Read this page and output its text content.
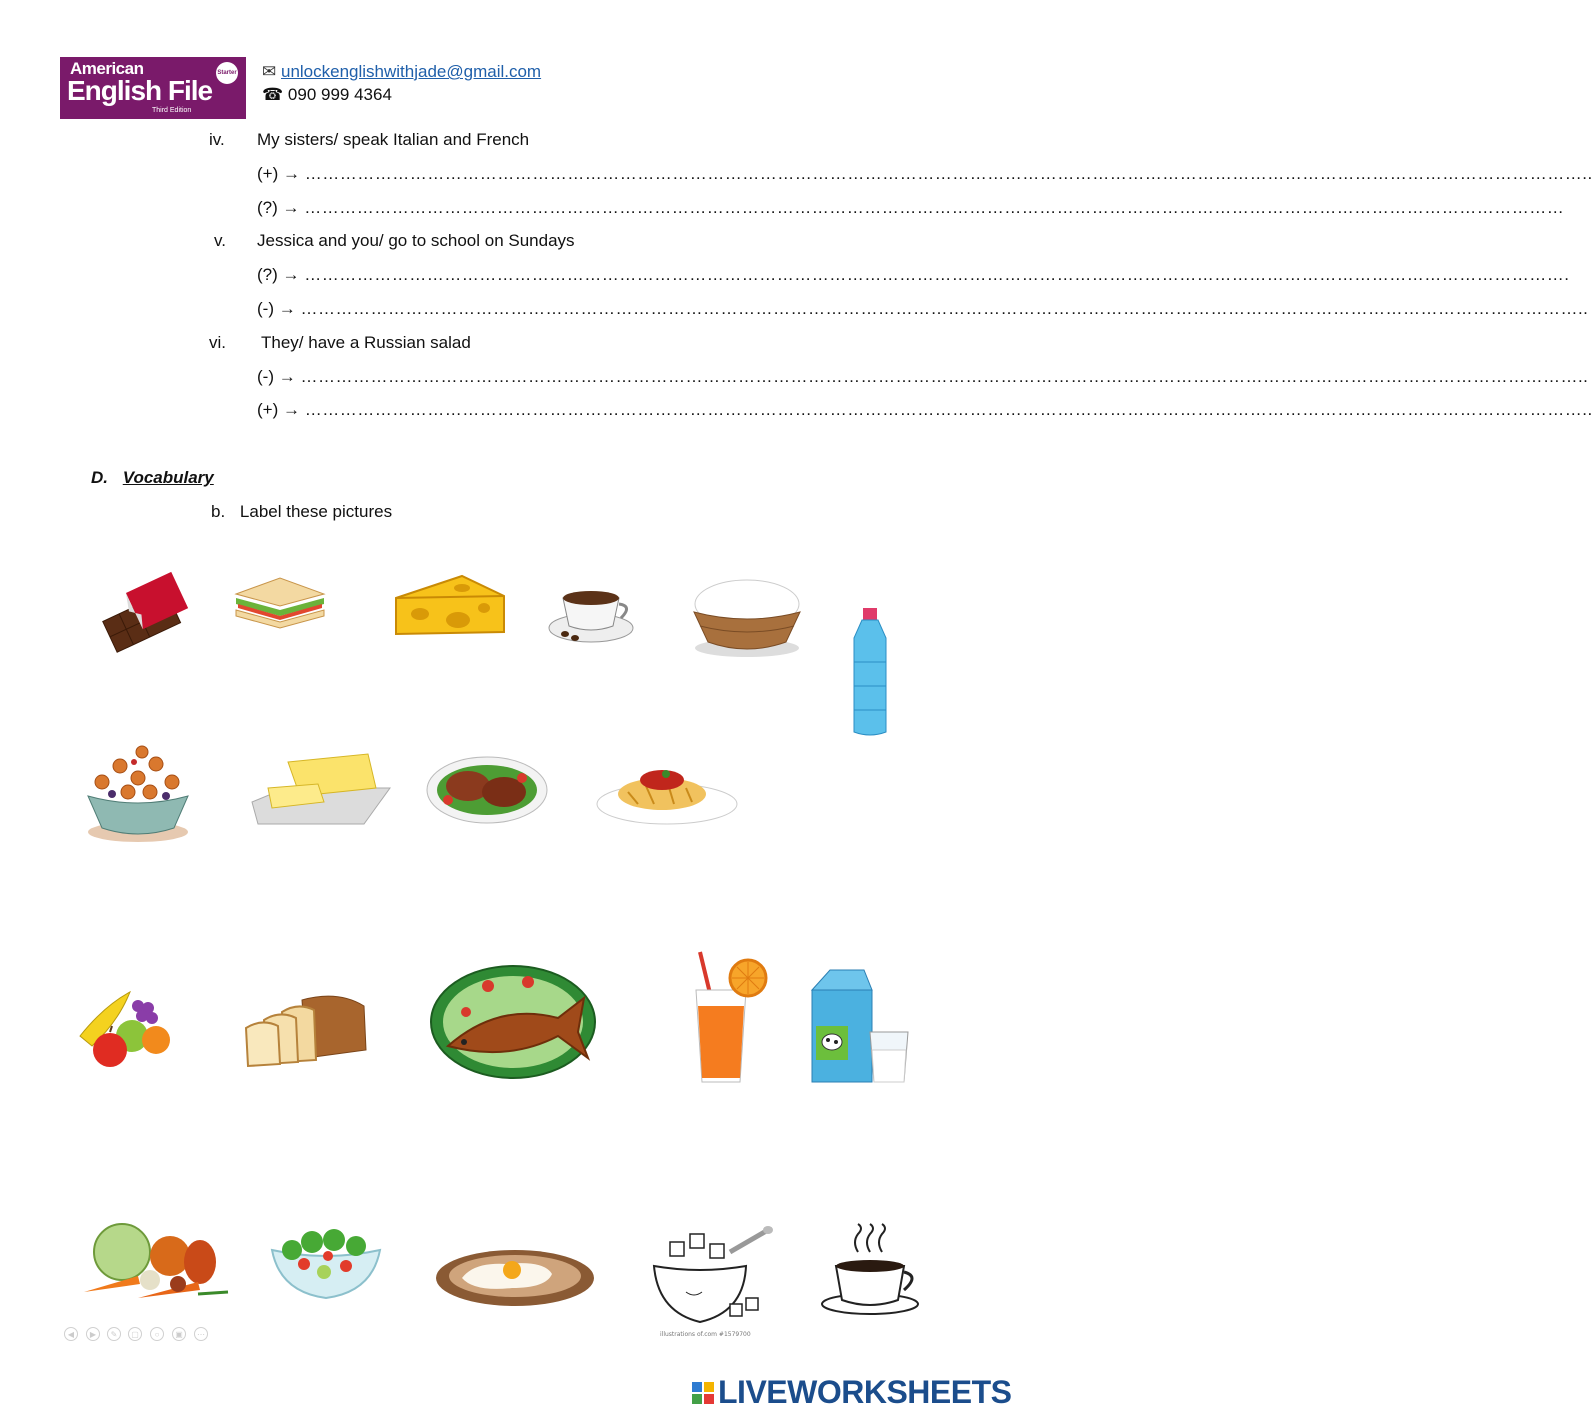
American
English File
Third Edition
Starter ✉ unlockenglishwithjade@gmail.com
☎ 090 999 4364
iv. My sisters/ speak Italian and French
(+) → …………………………………………………………………………………………………………………………………………………………………………………………………..
(?) → ………………………………………………………………………………………………………………………………………………………………………………………………
v. Jessica and you/ go to school on Sundays
(?) → ……………………………………………………………………………………………………………………………………………………………………………………………….
(-) → …………………………………………………………………………………………………………………………………………………………………………………………………..
vi. They/ have a Russian salad
(-) → …………………………………………………………………………………………………………………………………………………………………………………………………..
(+) → …………………………………………………………………………………………………………………………………………………………………………………………………..
D. Vocabulary
b. Label these pictures
illustrations of.com #1579700
◀	▶	✎	▢	○	▣	⋯
LIVEWORKSHEETS
